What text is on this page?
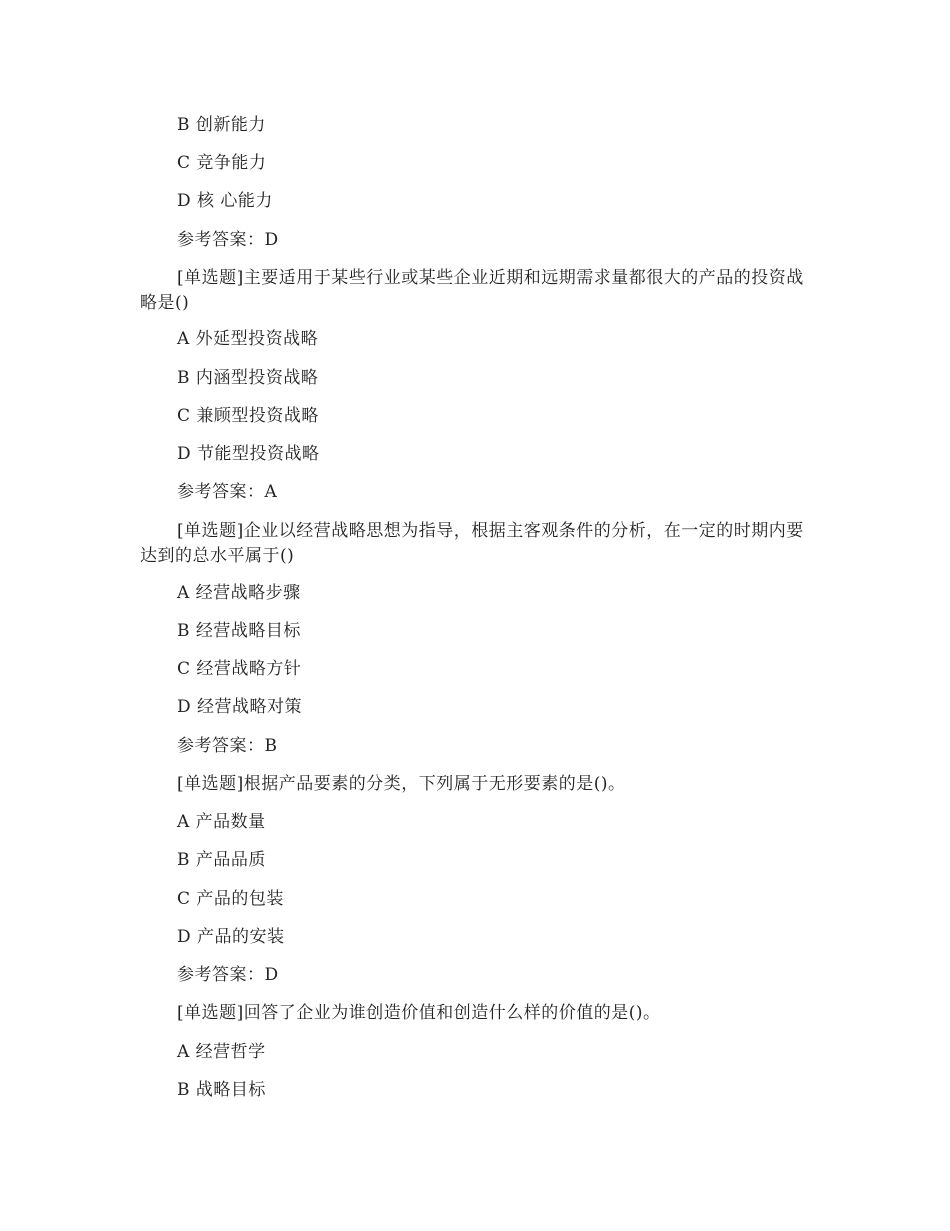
B 创新能力
C 竞争能力
D 核 心能力
参考答案：D
[单选题]主要适用于某些行业或某些企业近期和远期需求量都很大的产品的投资战略是()
A 外延型投资战略
B 内涵型投资战略
C 兼顾型投资战略
D 节能型投资战略
参考答案：A
[单选题]企业以经营战略思想为指导，根据主客观条件的分析，在一定的时期内要达到的总水平属于()
A 经营战略步骤
B 经营战略目标
C 经营战略方针
D 经营战略对策
参考答案：B
[单选题]根据产品要素的分类，下列属于无形要素的是()。
A 产品数量
B 产品品质
C 产品的包装
D 产品的安装
参考答案：D
[单选题]回答了企业为谁创造价值和创造什么样的价值的是()。
A 经营哲学
B 战略目标
